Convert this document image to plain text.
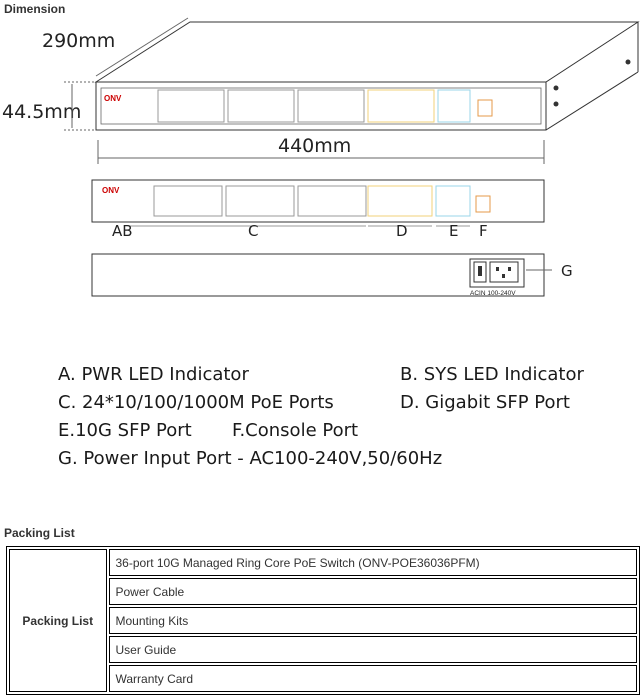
Dimension
ONV
290mm
44.5mm
440mm
ONV
AB	C	D	E F
ACIN 100-240V
G
A. PWR LED Indicator	B. SYS LED Indicator
C. 24*10/100/1000M PoE Ports	D. Gigabit SFP Port
E.10G SFP Port F.Console Port
G. Power Input Port - AC100-240V,50/60Hz
Packing List
Packing List	36-port 10G Managed Ring Core PoE Switch (ONV-POE36036PFM)
Power Cable
Mounting Kits
User Guide
Warranty Card
